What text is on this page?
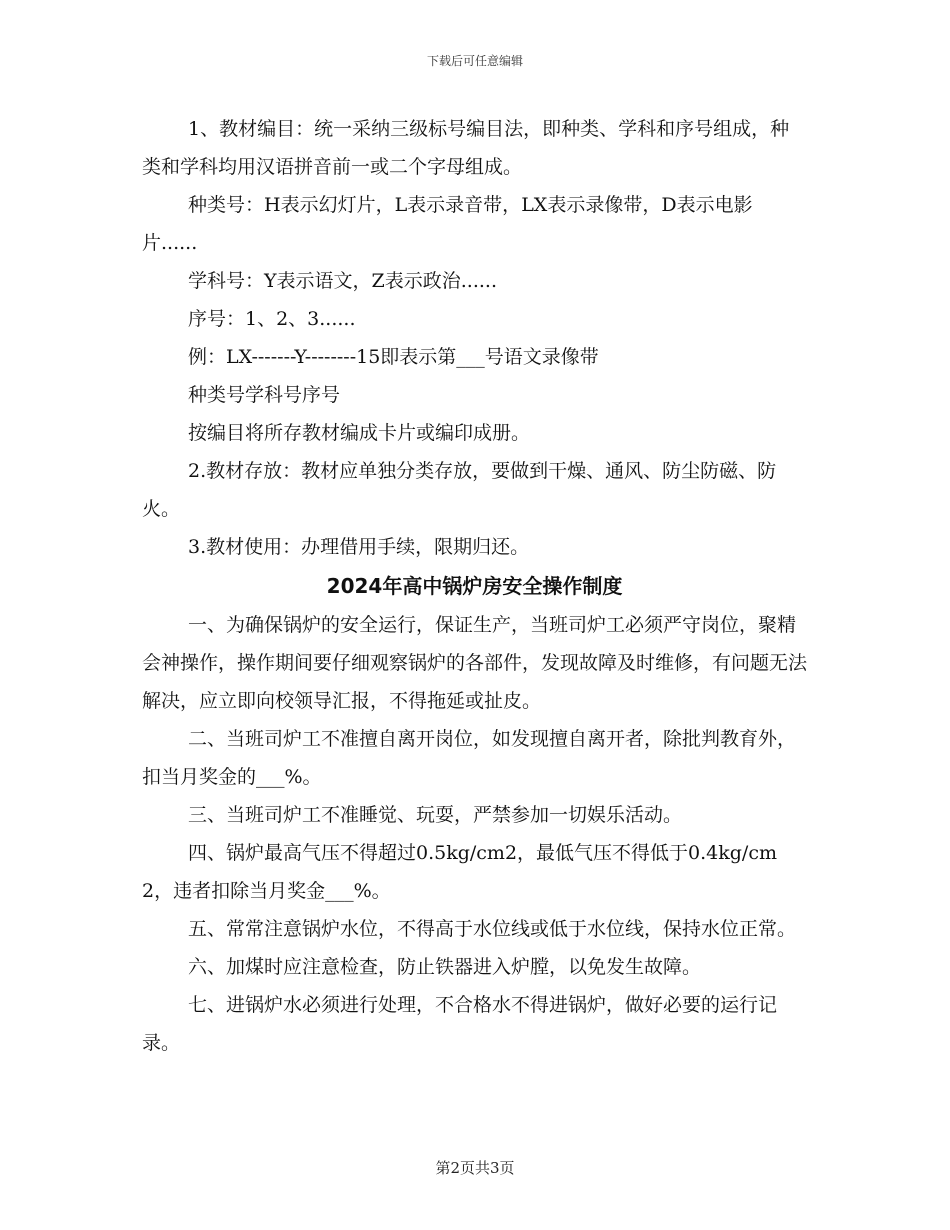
下载后可任意编辑

1、教材编目：统一采纳三级标号编目法，即种类、学科和序号组成，种类和学科均用汉语拼音前一或二个字母组成。

种类号：H表示幻灯片，L表示录音带，LX表示录像带，D表示电影片......

学科号：Y表示语文，Z表示政治......

序号：1、2、3......

例：LX-------Y--------15即表示第___号语文录像带

种类号学科号序号

按编目将所存教材编成卡片或编印成册。

2.教材存放：教材应单独分类存放，要做到干燥、通风、防尘防磁、防火。

3.教材使用：办理借用手续，限期归还。

2024年高中锅炉房安全操作制度

一、为确保锅炉的安全运行，保证生产，当班司炉工必须严守岗位，聚精会神操作，操作期间要仔细观察锅炉的各部件，发现故障及时维修，有问题无法解决，应立即向校领导汇报，不得拖延或扯皮。

二、当班司炉工不准擅自离开岗位，如发现擅自离开者，除批判教育外，扣当月奖金的___%。

三、当班司炉工不准睡觉、玩耍，严禁参加一切娱乐活动。

四、锅炉最高气压不得超过0.5kg/cm2，最低气压不得低于0.4kg/cm2，违者扣除当月奖金___%。

五、常常注意锅炉水位，不得高于水位线或低于水位线，保持水位正常。

六、加煤时应注意检查，防止铁器进入炉膛，以免发生故障。

七、进锅炉水必须进行处理，不合格水不得进锅炉，做好必要的运行记录。

第2页共3页
